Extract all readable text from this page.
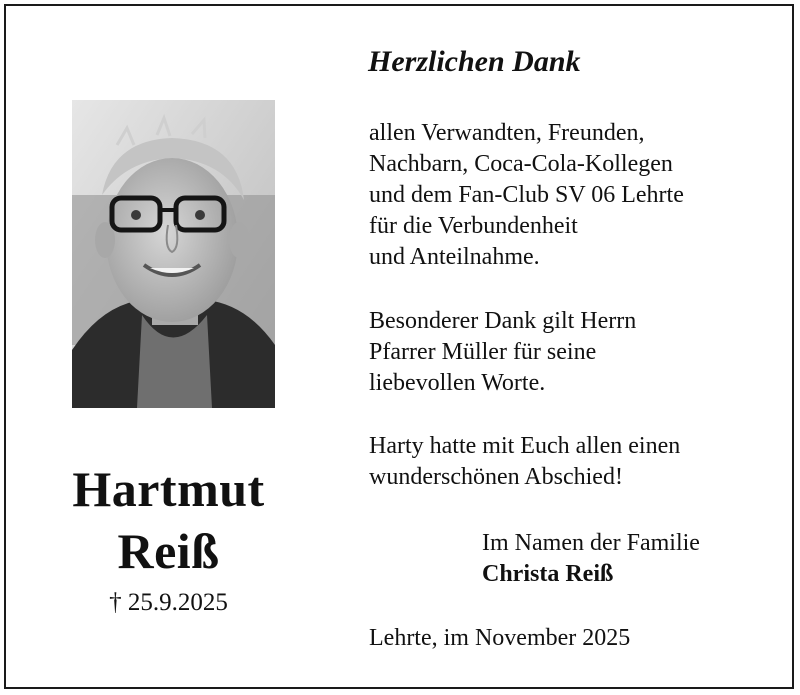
Hartmut
Reiß
† 25.9.2025
Herzlichen Dank
allen Verwandten, Freunden,
Nachbarn, Coca-Cola-Kollegen
und dem Fan-Club SV 06 Lehrte
für die Verbundenheit
und Anteilnahme.
Besonderer Dank gilt Herrn
Pfarrer Müller für seine
liebevollen Worte.
Harty hatte mit Euch allen einen
wunderschönen Abschied!
Im Namen der Familie
Christa Reiß
Lehrte, im November 2025
